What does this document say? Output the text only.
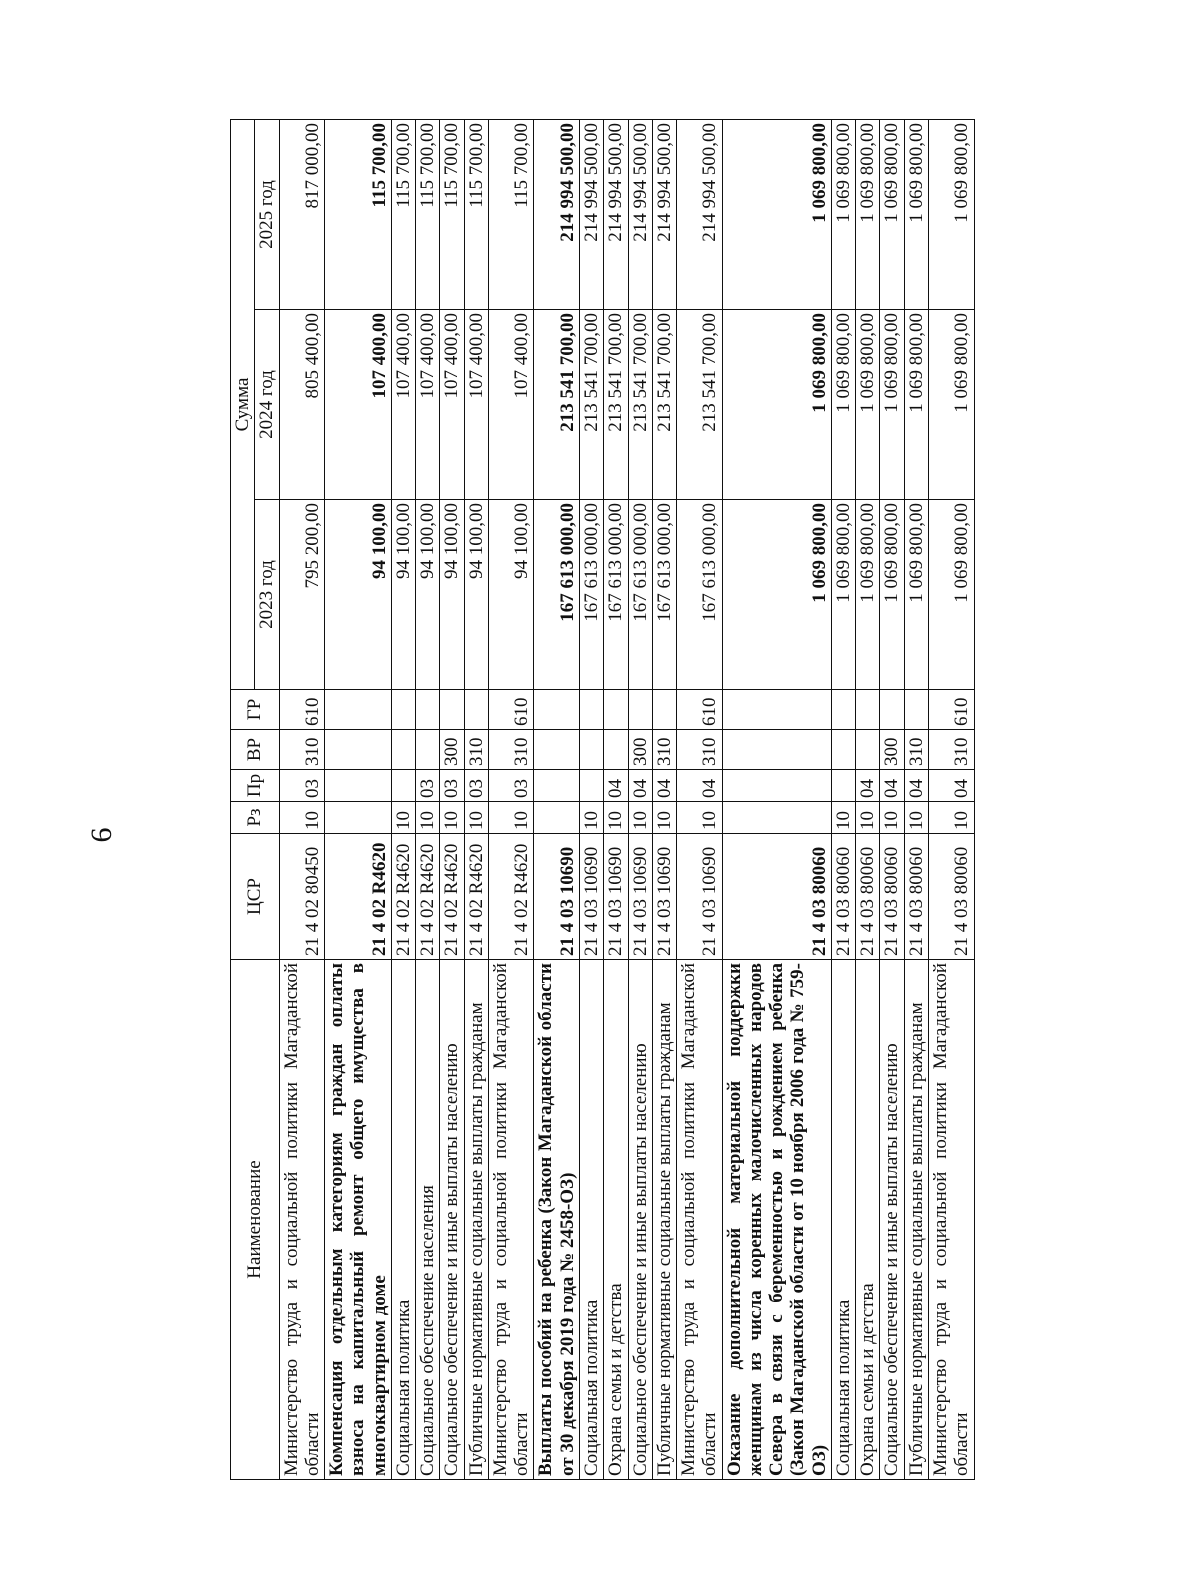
6
Наименование	ЦСР	Рз	Пр	ВР	ГР	Сумма		
						2023 год	2024 год	2025 год
Министерство труда и социальной политики Магаданской области	21 4 02 80450	10	03	310	610	795 200,00	805 400,00	817 000,00
Компенсация отдельным категориям граждан оплаты взноса на капитальный ремонт общего имущества в многоквартирном доме	21 4 02 R4620					94 100,00	107 400,00	115 700,00
Социальная политика	21 4 02 R4620	10				94 100,00	107 400,00	115 700,00
Социальное обеспечение населения	21 4 02 R4620	10	03			94 100,00	107 400,00	115 700,00
Социальное обеспечение и иные выплаты населению	21 4 02 R4620	10	03	300		94 100,00	107 400,00	115 700,00
Публичные нормативные социальные выплаты гражданам	21 4 02 R4620	10	03	310		94 100,00	107 400,00	115 700,00
Министерство труда и социальной политики Магаданской области	21 4 02 R4620	10	03	310	610	94 100,00	107 400,00	115 700,00
Выплаты пособий на ребенка (Закон Магаданской области от 30 декабря 2019 года № 2458-ОЗ)	21 4 03 10690					167 613 000,00	213 541 700,00	214 994 500,00
Социальная политика	21 4 03 10690	10				167 613 000,00	213 541 700,00	214 994 500,00
Охрана семьи и детства	21 4 03 10690	10	04			167 613 000,00	213 541 700,00	214 994 500,00
Социальное обеспечение и иные выплаты населению	21 4 03 10690	10	04	300		167 613 000,00	213 541 700,00	214 994 500,00
Публичные нормативные социальные выплаты гражданам	21 4 03 10690	10	04	310		167 613 000,00	213 541 700,00	214 994 500,00
Министерство труда и социальной политики Магаданской области	21 4 03 10690	10	04	310	610	167 613 000,00	213 541 700,00	214 994 500,00
Оказание дополнительной материальной поддержки женщинам из числа коренных малочисленных народов Севера в связи с беременностью и рождением ребенка (Закон Магаданской области от 10 ноября 2006 года № 759-ОЗ)	21 4 03 80060					1 069 800,00	1 069 800,00	1 069 800,00
Социальная политика	21 4 03 80060	10				1 069 800,00	1 069 800,00	1 069 800,00
Охрана семьи и детства	21 4 03 80060	10	04			1 069 800,00	1 069 800,00	1 069 800,00
Социальное обеспечение и иные выплаты населению	21 4 03 80060	10	04	300		1 069 800,00	1 069 800,00	1 069 800,00
Публичные нормативные социальные выплаты гражданам	21 4 03 80060	10	04	310		1 069 800,00	1 069 800,00	1 069 800,00
Министерство труда и социальной политики Магаданской области	21 4 03 80060	10	04	310	610	1 069 800,00	1 069 800,00	1 069 800,00
